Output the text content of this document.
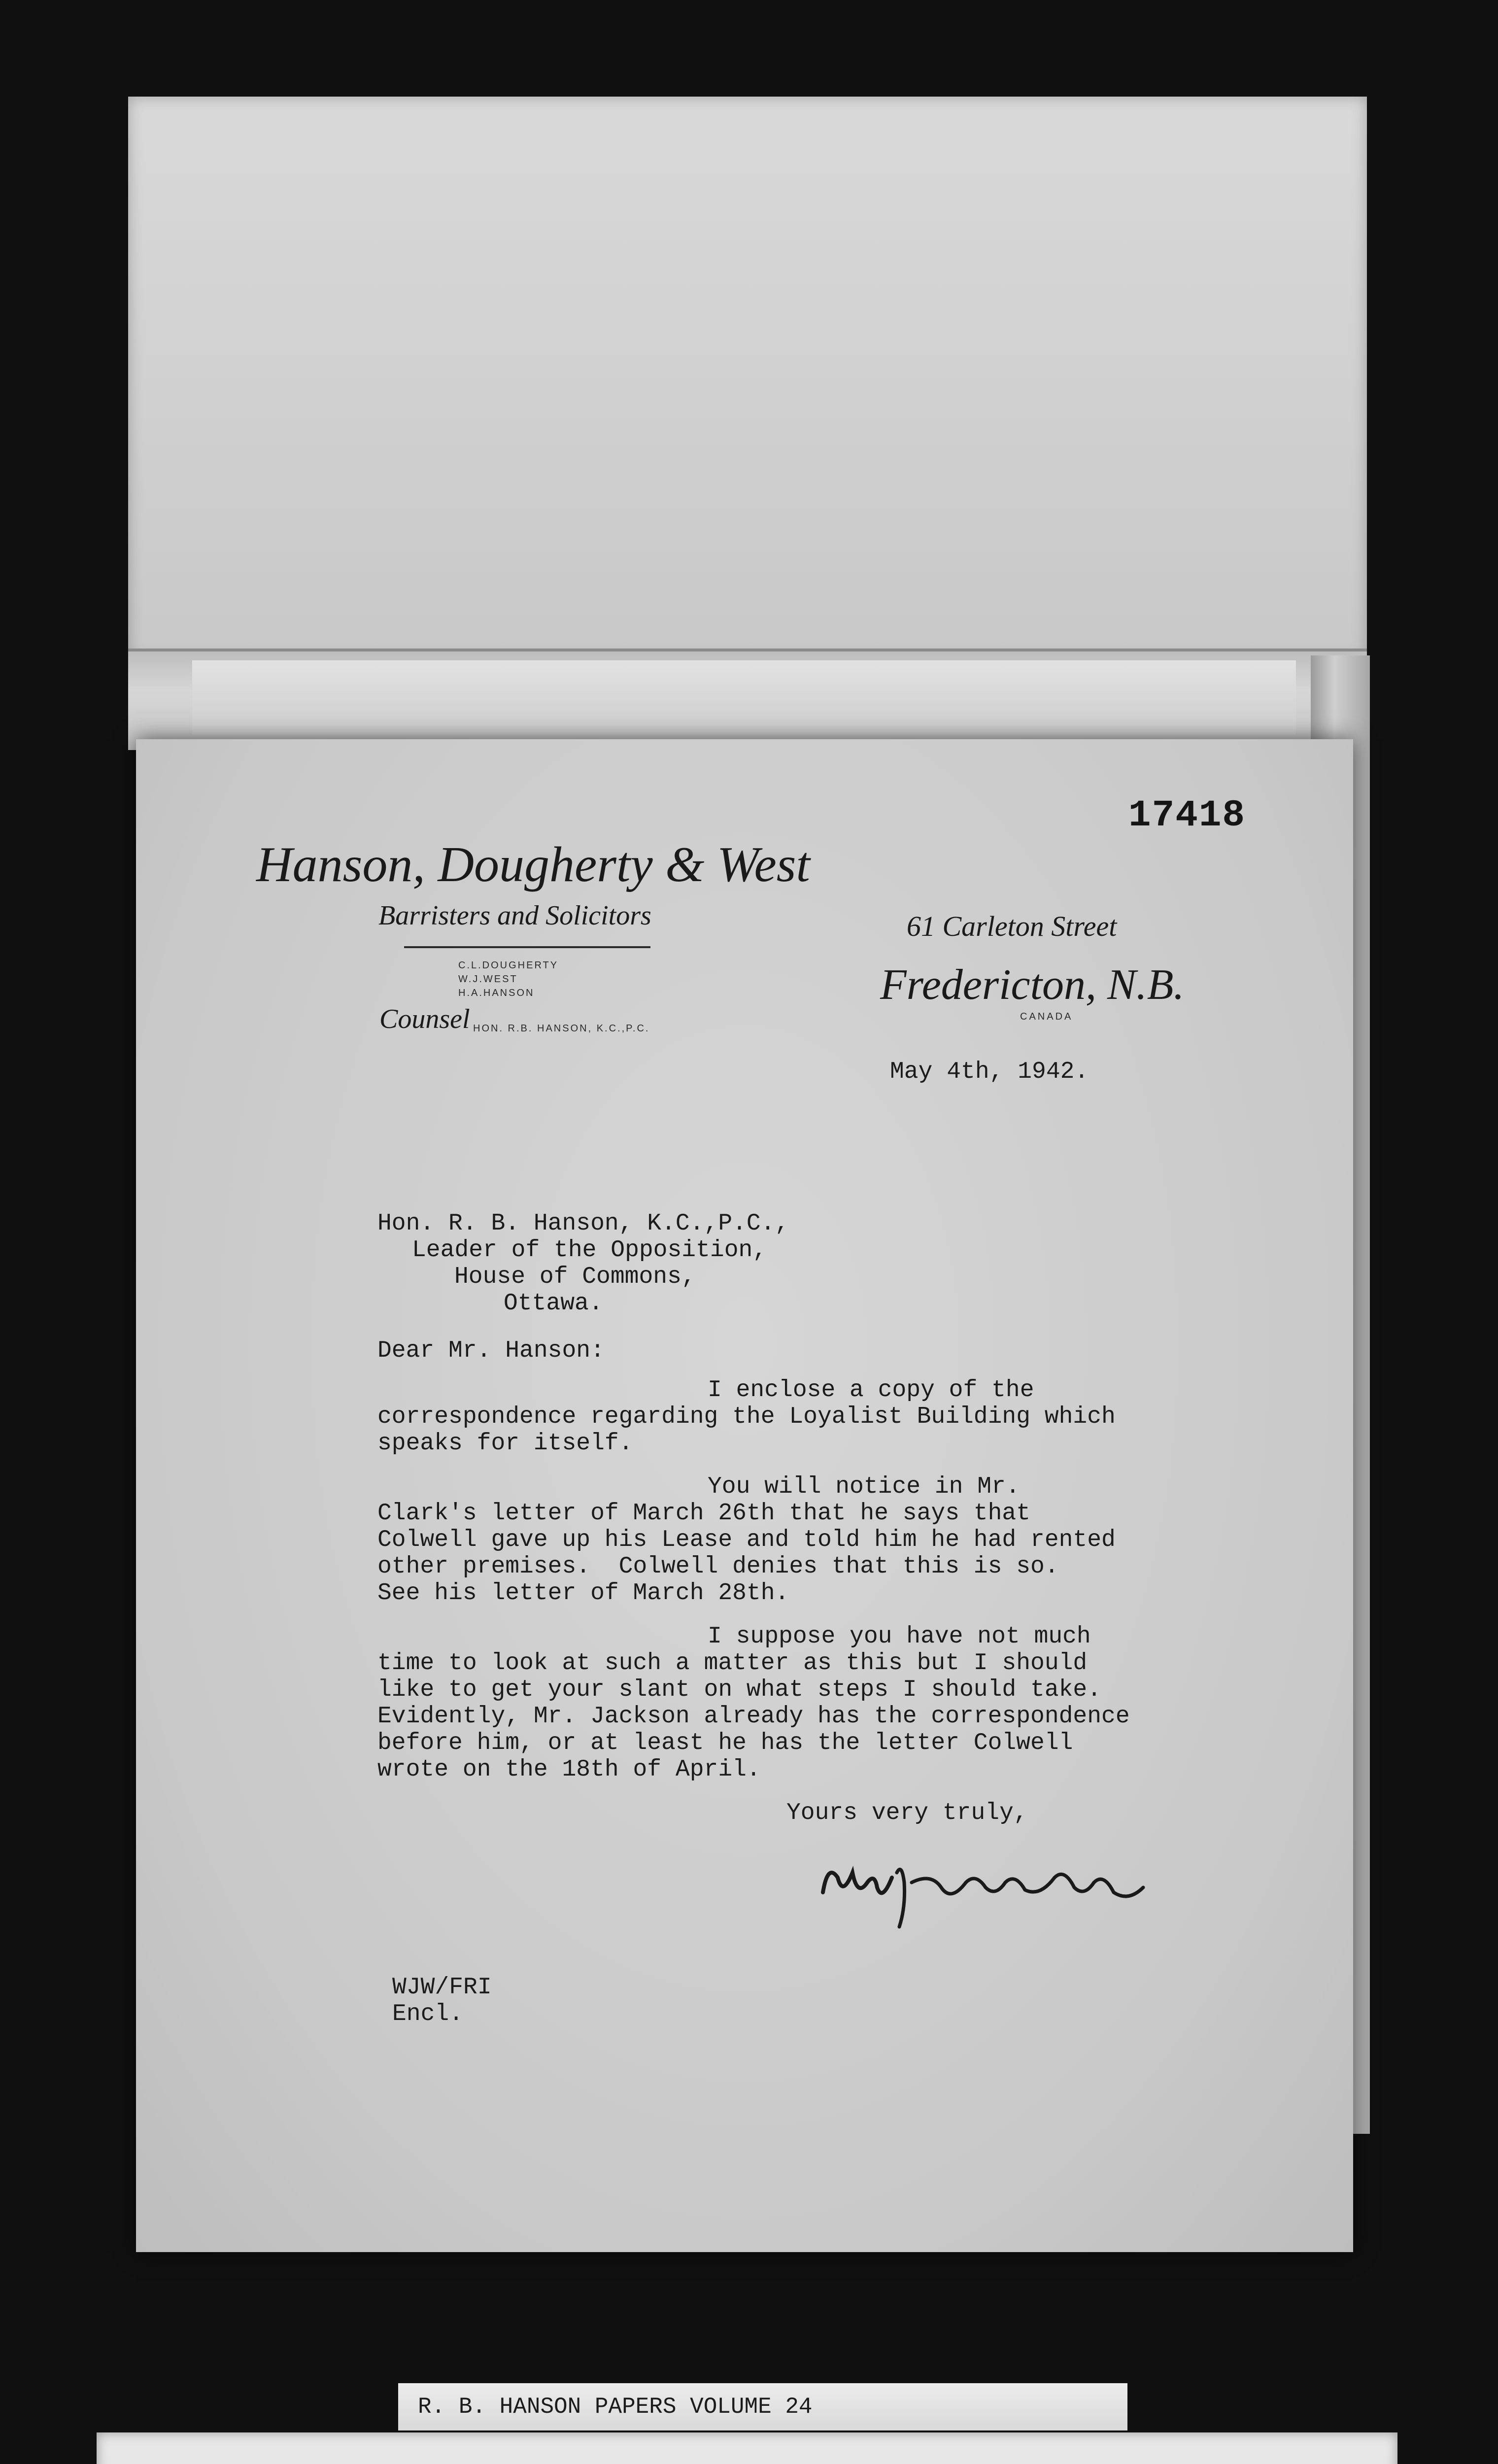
17418
Hanson, Dougherty & West
Barristers and Solicitors
C.L.DOUGHERTY
W.J.WEST
H.A.HANSON
Counsel HON. R.B. HANSON, K.C.,P.C.
61 Carleton Street
Fredericton, N.B.
CANADA
May 4th, 1942.
Hon. R. B. Hanson, K.C.,P.C.,
Leader of the Opposition,
House of Commons,
Ottawa.
Dear Mr. Hanson:
I enclose a copy of the
correspondence regarding the Loyalist Building which
speaks for itself.
You will notice in Mr.
Clark's letter of March 26th that he says that
Colwell gave up his Lease and told him he had rented
other premises.  Colwell denies that this is so.
See his letter of March 28th.
I suppose you have not much
time to look at such a matter as this but I should
like to get your slant on what steps I should take.
Evidently, Mr. Jackson already has the correspondence
before him, or at least he has the letter Colwell
wrote on the 18th of April.
Yours very truly,
WJW/FRI
Encl.
R. B. HANSON PAPERS VOLUME 24
